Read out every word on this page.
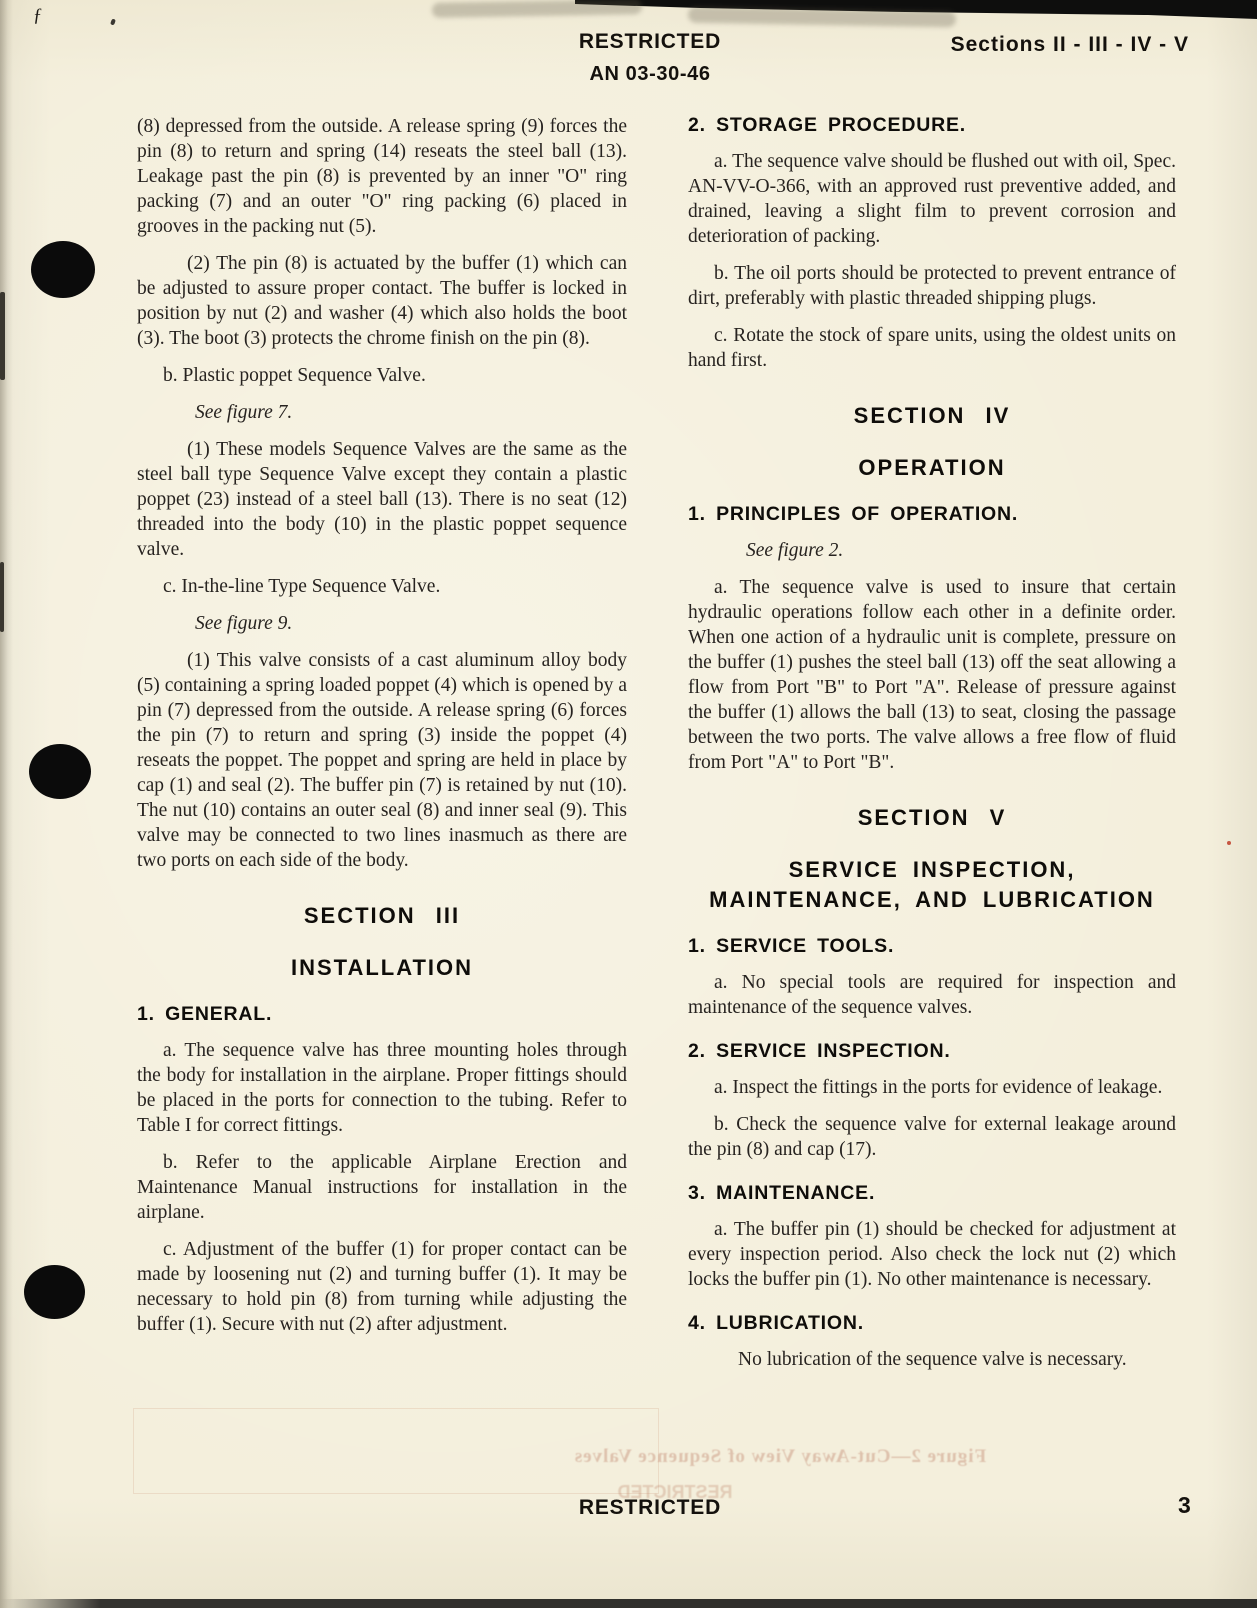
ƒ
RESTRICTED
AN 03-30-46
Sections II - III - IV - V

(8) depressed from the outside. A release spring (9) forces the pin (8) to return and spring (14) reseats the steel ball (13). Leakage past the pin (8) is prevented by an inner "O" ring packing (7) and an outer "O" ring packing (6) placed in grooves in the packing nut (5).

(2) The pin (8) is actuated by the buffer (1) which can be adjusted to assure proper contact. The buffer is locked in position by nut (2) and washer (4) which also holds the boot (3). The boot (3) protects the chrome finish on the pin (8).

b. Plastic poppet Sequence Valve.

See figure 7.

(1) These models Sequence Valves are the same as the steel ball type Sequence Valve except they contain a plastic poppet (23) instead of a steel ball (13). There is no seat (12) threaded into the body (10) in the plastic poppet sequence valve.

c. In-the-line Type Sequence Valve.

See figure 9.

(1) This valve consists of a cast aluminum alloy body (5) containing a spring loaded poppet (4) which is opened by a pin (7) depressed from the outside. A release spring (6) forces the pin (7) to return and spring (3) inside the poppet (4) reseats the poppet. The poppet and spring are held in place by cap (1) and seal (2). The buffer pin (7) is retained by nut (10). The nut (10) contains an outer seal (8) and inner seal (9). This valve may be connected to two lines inasmuch as there are two ports on each side of the body.

SECTION III
INSTALLATION
1. GENERAL.

a. The sequence valve has three mounting holes through the body for installation in the airplane. Proper fittings should be placed in the ports for connection to the tubing. Refer to Table I for correct fittings.

b. Refer to the applicable Airplane Erection and Maintenance Manual instructions for installation in the airplane.

c. Adjustment of the buffer (1) for proper contact can be made by loosening nut (2) and turning buffer (1). It may be necessary to hold pin (8) from turning while adjusting the buffer (1). Secure with nut (2) after adjustment.

2. STORAGE PROCEDURE.

a. The sequence valve should be flushed out with oil, Spec. AN-VV-O-366, with an approved rust preventive added, and drained, leaving a slight film to prevent corrosion and deterioration of packing.

b. The oil ports should be protected to prevent entrance of dirt, preferably with plastic threaded shipping plugs.

c. Rotate the stock of spare units, using the oldest units on hand first.

SECTION IV
OPERATION
1. PRINCIPLES OF OPERATION.

See figure 2.

a. The sequence valve is used to insure that certain hydraulic operations follow each other in a definite order. When one action of a hydraulic unit is complete, pressure on the buffer (1) pushes the steel ball (13) off the seat allowing a flow from Port "B" to Port "A". Release of pressure against the buffer (1) allows the ball (13) to seat, closing the passage between the two ports. The valve allows a free flow of fluid from Port "A" to Port "B".

SECTION V
SERVICE INSPECTION, MAINTENANCE, AND LUBRICATION
1. SERVICE TOOLS.

a. No special tools are required for inspection and maintenance of the sequence valves.

2. SERVICE INSPECTION.

a. Inspect the fittings in the ports for evidence of leakage.

b. Check the sequence valve for external leakage around the pin (8) and cap (17).

3. MAINTENANCE.

a. The buffer pin (1) should be checked for adjustment at every inspection period. Also check the lock nut (2) which locks the buffer pin (1). No other maintenance is necessary.

4. LUBRICATION.

No lubrication of the sequence valve is necessary.

Figure 2—Cut-Away View of Sequence Valves
RESTRICTED
RESTRICTED	3
